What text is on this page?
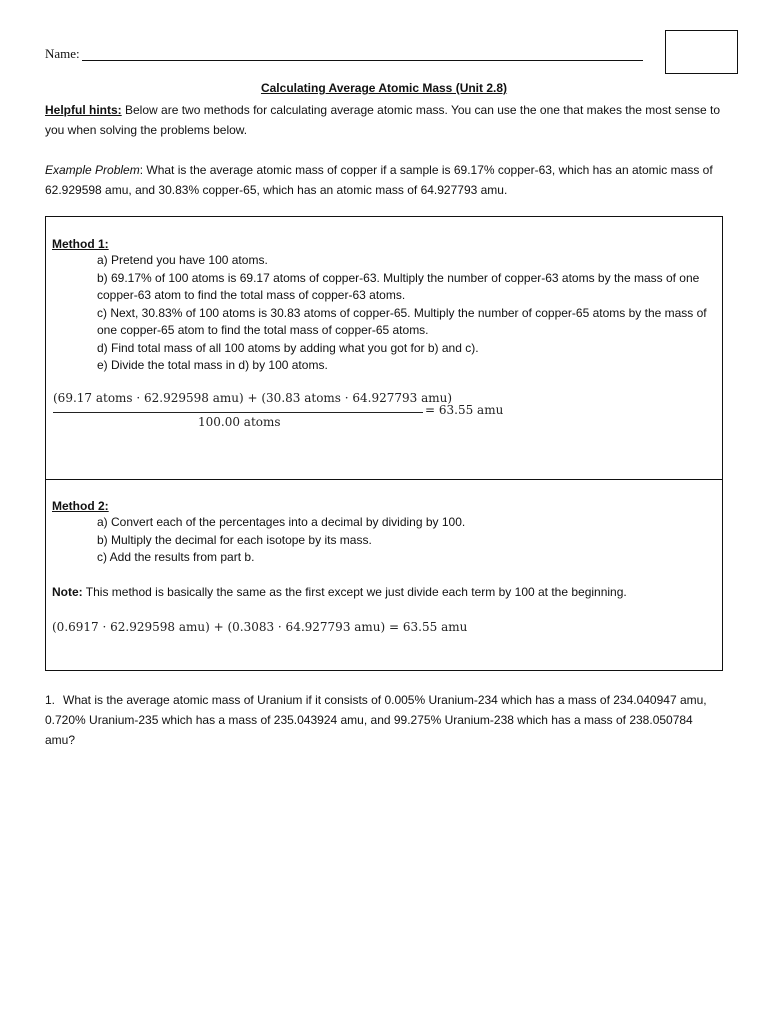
Name:
Calculating Average Atomic Mass (Unit 2.8)
Helpful hints: Below are two methods for calculating average atomic mass. You can use the one that makes the most sense to you when solving the problems below.
Example Problem: What is the average atomic mass of copper if a sample is 69.17% copper-63, which has an atomic mass of 62.929598 amu, and 30.83% copper-65, which has an atomic mass of 64.927793 amu.
Method 1:
a) Pretend you have 100 atoms.
b) 69.17% of 100 atoms is 69.17 atoms of copper-63. Multiply the number of copper-63 atoms by the mass of one copper-63 atom to find the total mass of copper-63 atoms.
c) Next, 30.83% of 100 atoms is 30.83 atoms of copper-65. Multiply the number of copper-65 atoms by the mass of one copper-65 atom to find the total mass of copper-65 atoms.
d) Find total mass of all 100 atoms by adding what you got for b) and c).
e) Divide the total mass in d) by 100 atoms.
(69.17 atoms · 62.929598 amu) + (30.83 atoms · 64.927793 amu)
100.00 atoms
= 63.55 amu
Method 2:
a) Convert each of the percentages into a decimal by dividing by 100.
b) Multiply the decimal for each isotope by its mass.
c) Add the results from part b.
Note: This method is basically the same as the first except we just divide each term by 100 at the beginning.
(0.6917 · 62.929598 amu) + (0.3083 · 64.927793 amu) = 63.55 amu
1. What is the average atomic mass of Uranium if it consists of 0.005% Uranium-234 which has a mass of 234.040947 amu, 0.720% Uranium-235 which has a mass of 235.043924 amu, and 99.275% Uranium-238 which has a mass of 238.050784 amu?
